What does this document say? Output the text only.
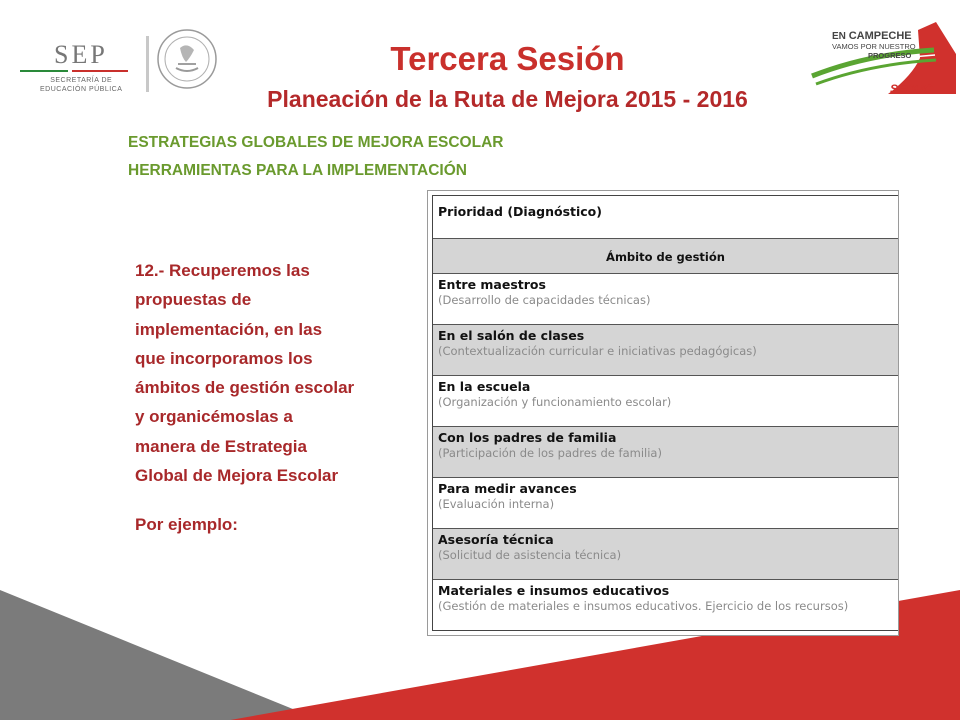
SEP
SECRETARÍA DE
EDUCACIÓN PÚBLICA
EN CAMPECHE
VAMOS POR NUESTRO
PROGRESO
SEDUC
Tercera Sesión
Planeación de la Ruta de Mejora 2015 - 2016
ESTRATEGIAS GLOBALES DE MEJORA ESCOLAR
HERRAMIENTAS PARA LA IMPLEMENTACIÓN
12.- Recuperemos las
propuestas de
implementación, en las
que incorporamos los
ámbitos de gestión escolar
y organicémoslas a
manera de Estrategia
Global de Mejora Escolar
Por ejemplo:
Prioridad (Diagnóstico)
Ámbito de gestión
Entre maestros
(Desarrollo de capacidades técnicas)
En el salón de clases
(Contextualización curricular e iniciativas pedagógicas)
En la escuela
(Organización y funcionamiento escolar)
Con los padres de familia
(Participación de los padres de familia)
Para medir avances
(Evaluación interna)
Asesoría técnica
(Solicitud de asistencia técnica)
Materiales e insumos educativos
(Gestión de materiales e insumos educativos. Ejercicio de los recursos)
